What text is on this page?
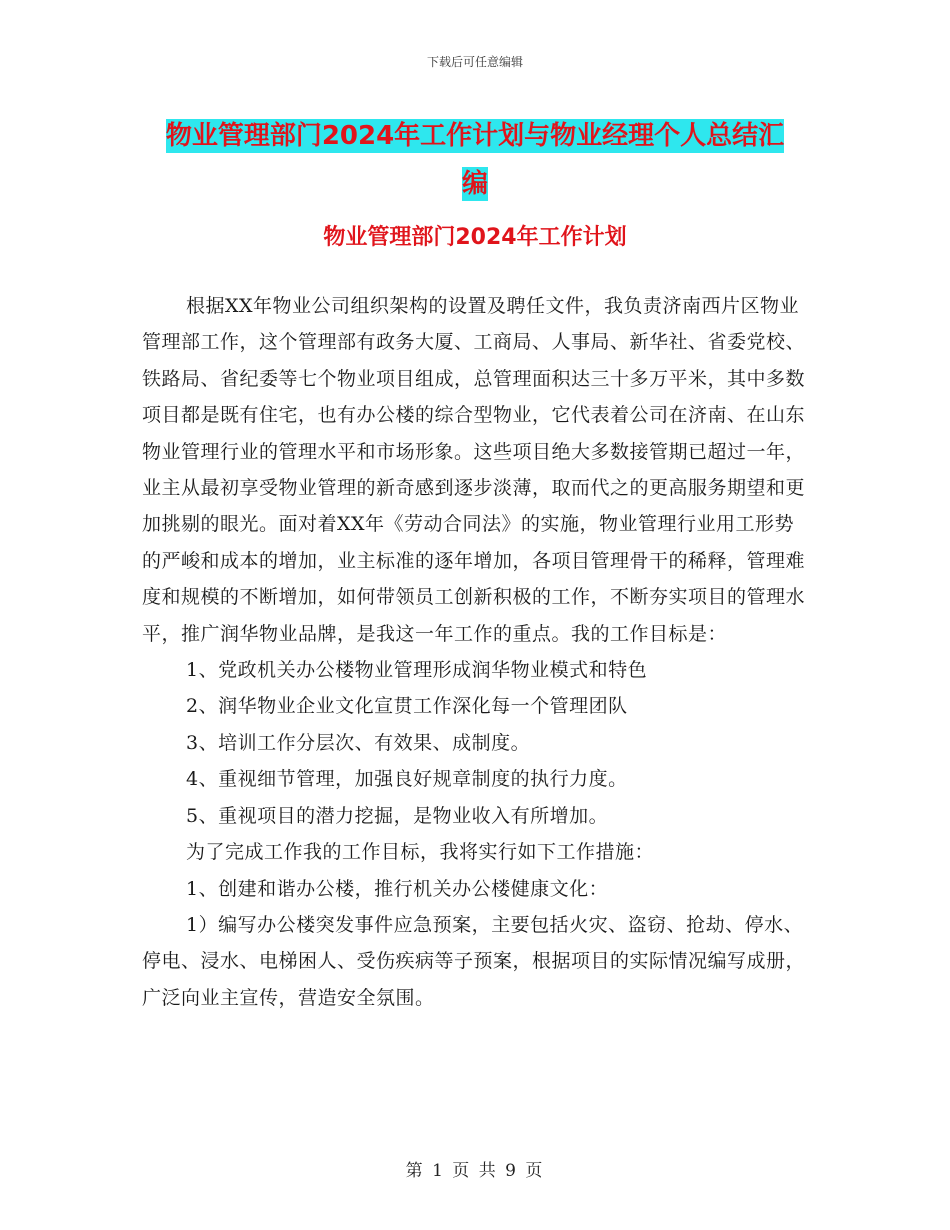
下载后可任意编辑
物业管理部门2024年工作计划与物业经理个人总结汇
编
物业管理部门2024年工作计划

根据XX年物业公司组织架构的设置及聘任文件，我负责济南西片区物业管理部工作，这个管理部有政务大厦、工商局、人事局、新华社、省委党校、铁路局、省纪委等七个物业项目组成，总管理面积达三十多万平米，其中多数项目都是既有住宅，也有办公楼的综合型物业，它代表着公司在济南、在山东物业管理行业的管理水平和市场形象。这些项目绝大多数接管期已超过一年，业主从最初享受物业管理的新奇感到逐步淡薄，取而代之的更高服务期望和更加挑剔的眼光。面对着XX年《劳动合同法》的实施，物业管理行业用工形势的严峻和成本的增加，业主标准的逐年增加，各项目管理骨干的稀释，管理难度和规模的不断增加，如何带领员工创新积极的工作，不断夯实项目的管理水平，推广润华物业品牌，是我这一年工作的重点。我的工作目标是：

1、党政机关办公楼物业管理形成润华物业模式和特色

2、润华物业企业文化宣贯工作深化每一个管理团队

3、培训工作分层次、有效果、成制度。

4、重视细节管理，加强良好规章制度的执行力度。

5、重视项目的潜力挖掘，是物业收入有所增加。

为了完成工作我的工作目标，我将实行如下工作措施：

1、创建和谐办公楼，推行机关办公楼健康文化：

1）编写办公楼突发事件应急预案，主要包括火灾、盗窃、抢劫、停水、停电、浸水、电梯困人、受伤疾病等子预案，根据项目的实际情况编写成册，广泛向业主宣传，营造安全氛围。

第 1 页 共 9 页
